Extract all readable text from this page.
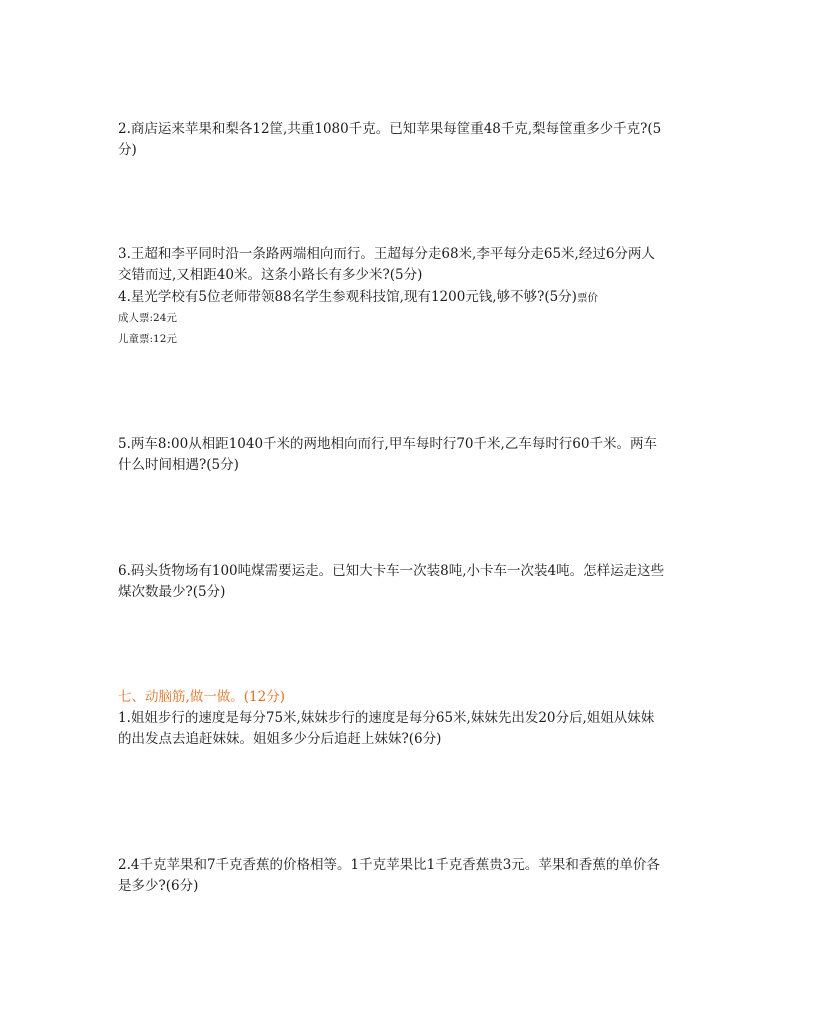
2.商店运来苹果和梨各12筐,共重1080千克。已知苹果每筐重48千克,梨每筐重多少千克?(5
分)
3.王超和李平同时沿一条路两端相向而行。王超每分走68米,李平每分走65米,经过6分两人
交错而过,又相距40米。这条小路长有多少米?(5分)
4.星光学校有5位老师带领88名学生参观科技馆,现有1200元钱,够不够?(5分)票价
成人票:24元
儿童票:12元
5.两车8:00从相距1040千米的两地相向而行,甲车每时行70千米,乙车每时行60千米。两车
什么时间相遇?(5分)
6.码头货物场有100吨煤需要运走。已知大卡车一次装8吨,小卡车一次装4吨。怎样运走这些
煤次数最少?(5分)
七、动脑筋,做一做。(12分)
1.姐姐步行的速度是每分75米,妹妹步行的速度是每分65米,妹妹先出发20分后,姐姐从妹妹
的出发点去追赶妹妹。姐姐多少分后追赶上妹妹?(6分)
2.4千克苹果和7千克香蕉的价格相等。1千克苹果比1千克香蕉贵3元。苹果和香蕉的单价各
是多少?(6分)
